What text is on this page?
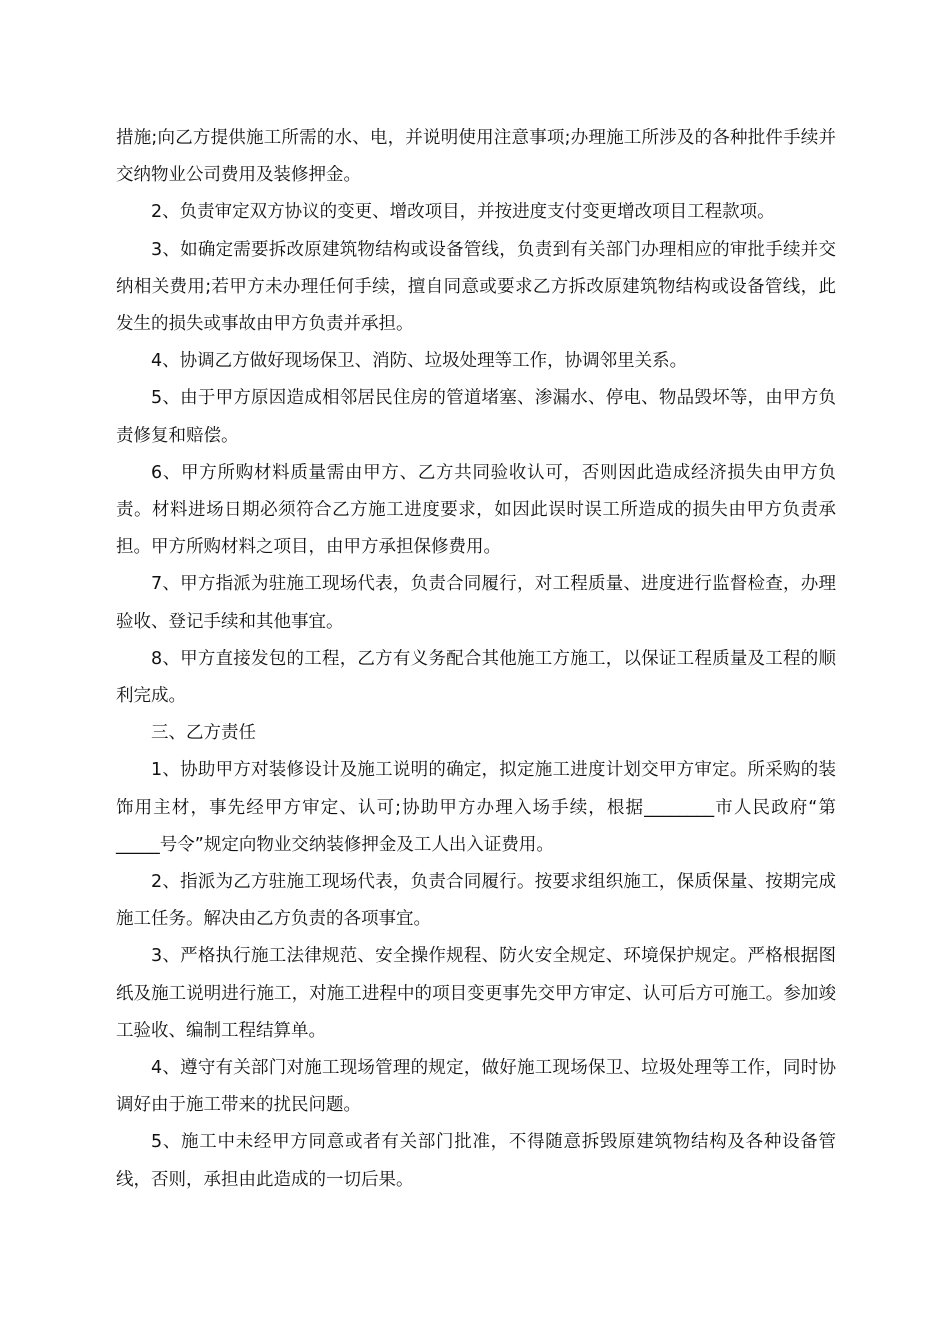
措施;向乙方提供施工所需的水、电，并说明使用注意事项;办理施工所涉及的各种批件手续并交纳物业公司费用及装修押金。

2、负责审定双方协议的变更、增改项目，并按进度支付变更增改项目工程款项。

3、如确定需要拆改原建筑物结构或设备管线，负责到有关部门办理相应的审批手续并交纳相关费用;若甲方未办理任何手续，擅自同意或要求乙方拆改原建筑物结构或设备管线，此发生的损失或事故由甲方负责并承担。

4、协调乙方做好现场保卫、消防、垃圾处理等工作，协调邻里关系。

5、由于甲方原因造成相邻居民住房的管道堵塞、渗漏水、停电、物品毁坏等，由甲方负责修复和赔偿。

6、甲方所购材料质量需由甲方、乙方共同验收认可，否则因此造成经济损失由甲方负责。材料进场日期必须符合乙方施工进度要求，如因此误时误工所造成的损失由甲方负责承担。甲方所购材料之项目，由甲方承担保修费用。

7、甲方指派为驻施工现场代表，负责合同履行，对工程质量、进度进行监督检查，办理验收、登记手续和其他事宜。

8、甲方直接发包的工程，乙方有义务配合其他施工方施工，以保证工程质量及工程的顺利完成。

三、乙方责任

1、协助甲方对装修设计及施工说明的确定，拟定施工进度计划交甲方审定。所采购的装饰用主材，事先经甲方审定、认可;协助甲方办理入场手续，根据________市人民政府“第_____号令”规定向物业交纳装修押金及工人出入证费用。

2、指派为乙方驻施工现场代表，负责合同履行。按要求组织施工，保质保量、按期完成施工任务。解决由乙方负责的各项事宜。

3、严格执行施工法律规范、安全操作规程、防火安全规定、环境保护规定。严格根据图纸及施工说明进行施工，对施工进程中的项目变更事先交甲方审定、认可后方可施工。参加竣工验收、编制工程结算单。

4、遵守有关部门对施工现场管理的规定，做好施工现场保卫、垃圾处理等工作，同时协调好由于施工带来的扰民问题。

5、施工中未经甲方同意或者有关部门批准，不得随意拆毁原建筑物结构及各种设备管线，否则，承担由此造成的一切后果。
